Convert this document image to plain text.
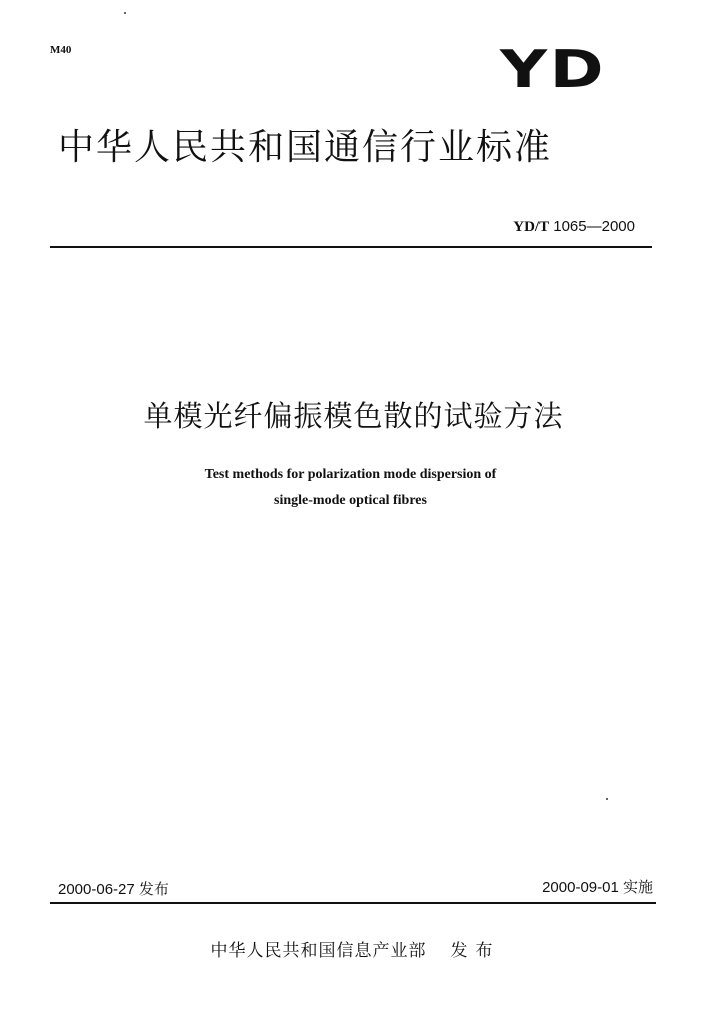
M40	YD
中华人民共和国通信行业标准
YD/T 1065—2000
单模光纤偏振模色散的试验方法
Test methods for polarization mode dispersion of
single-mode optical fibres
2000-06-27 发布	2000-09-01 实施
中华人民共和国信息产业部 发布
